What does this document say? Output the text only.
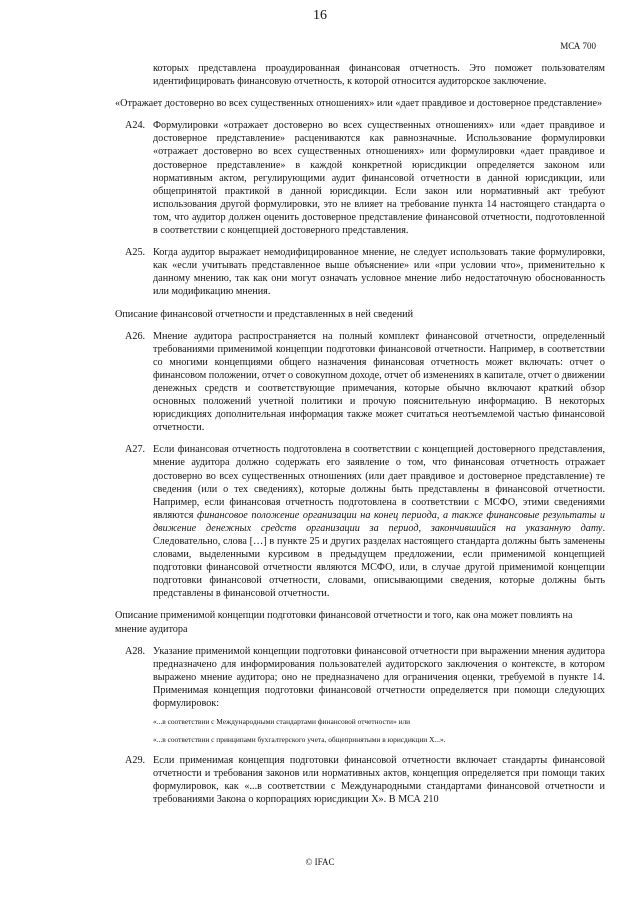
16
МСА 700
которых представлена проаудированная финансовая отчетность. Это поможет пользователям идентифицировать финансовую отчетность, к которой относится аудиторское заключение.
«Отражает достоверно во всех существенных отношениях» или «дает правдивое и достоверное представление»
A24. Формулировки «отражает достоверно во всех существенных отношениях» или «дает правдивое и достоверное представление» расцениваются как равнозначные. Использование формулировки «отражает достоверно во всех существенных отношениях» или формулировки «дает правдивое и достоверное представление» в каждой конкретной юрисдикции определяется законом или нормативным актом, регулирующими аудит финансовой отчетности в данной юрисдикции, или общепринятой практикой в данной юрисдикции. Если закон или нормативный акт требуют использования другой формулировки, это не влияет на требование пункта 14 настоящего стандарта о том, что аудитор должен оценить достоверное представление финансовой отчетности, подготовленной в соответствии с концепцией достоверного представления.
A25. Когда аудитор выражает немодифицированное мнение, не следует использовать такие формулировки, как «если учитывать представленное выше объяснение» или «при условии что», применительно к данному мнению, так как они могут означать условное мнение либо недостаточную обоснованность или модификацию мнения.
Описание финансовой отчетности и представленных в ней сведений
A26. Мнение аудитора распространяется на полный комплект финансовой отчетности, определенный требованиями применимой концепции подготовки финансовой отчетности. Например, в соответствии со многими концепциями общего назначения финансовая отчетность может включать: отчет о финансовом положении, отчет о совокупном доходе, отчет об изменениях в капитале, отчет о движении денежных средств и соответствующие примечания, которые обычно включают краткий обзор основных положений учетной политики и прочую пояснительную информацию. В некоторых юрисдикциях дополнительная информация также может считаться неотъемлемой частью финансовой отчетности.
A27. Если финансовая отчетность подготовлена в соответствии с концепцией достоверного представления, мнение аудитора должно содержать его заявление о том, что финансовая отчетность отражает достоверно во всех существенных отношениях (или дает правдивое и достоверное представление) те сведения (или о тех сведениях), которые должны быть представлены в финансовой отчетности. Например, если финансовая отчетность подготовлена в соответствии с МСФО, этими сведениями являются финансовое положение организации на конец периода, а также финансовые результаты и движение денежных средств организации за период, закончившийся на указанную дату. Следовательно, слова […] в пункте 25 и других разделах настоящего стандарта должны быть заменены словами, выделенными курсивом в предыдущем предложении, если применимой концепцией подготовки финансовой отчетности являются МСФО, или, в случае другой применимой концепции подготовки финансовой отчетности, словами, описывающими сведения, которые должны быть представлены в финансовой отчетности.
Описание применимой концепции подготовки финансовой отчетности и того, как она может повлиять на мнение аудитора
A28. Указание применимой концепции подготовки финансовой отчетности при выражении мнения аудитора предназначено для информирования пользователей аудиторского заключения о контексте, в котором выражено мнение аудитора; оно не предназначено для ограничения оценки, требуемой в пункте 14. Применимая концепция подготовки финансовой отчетности определяется при помощи следующих формулировок:
«...в соответствии с Международными стандартами финансовой отчетности» или
«...в соответствии с принципами бухгалтерского учета, общепринятыми в юрисдикции X...».
A29. Если применимая концепция подготовки финансовой отчетности включает стандарты финансовой отчетности и требования законов или нормативных актов, концепция определяется при помощи таких формулировок, как «...в соответствии с Международными стандартами финансовой отчетности и требованиями Закона о корпорациях юрисдикции X». В МСА 210
© IFAC
